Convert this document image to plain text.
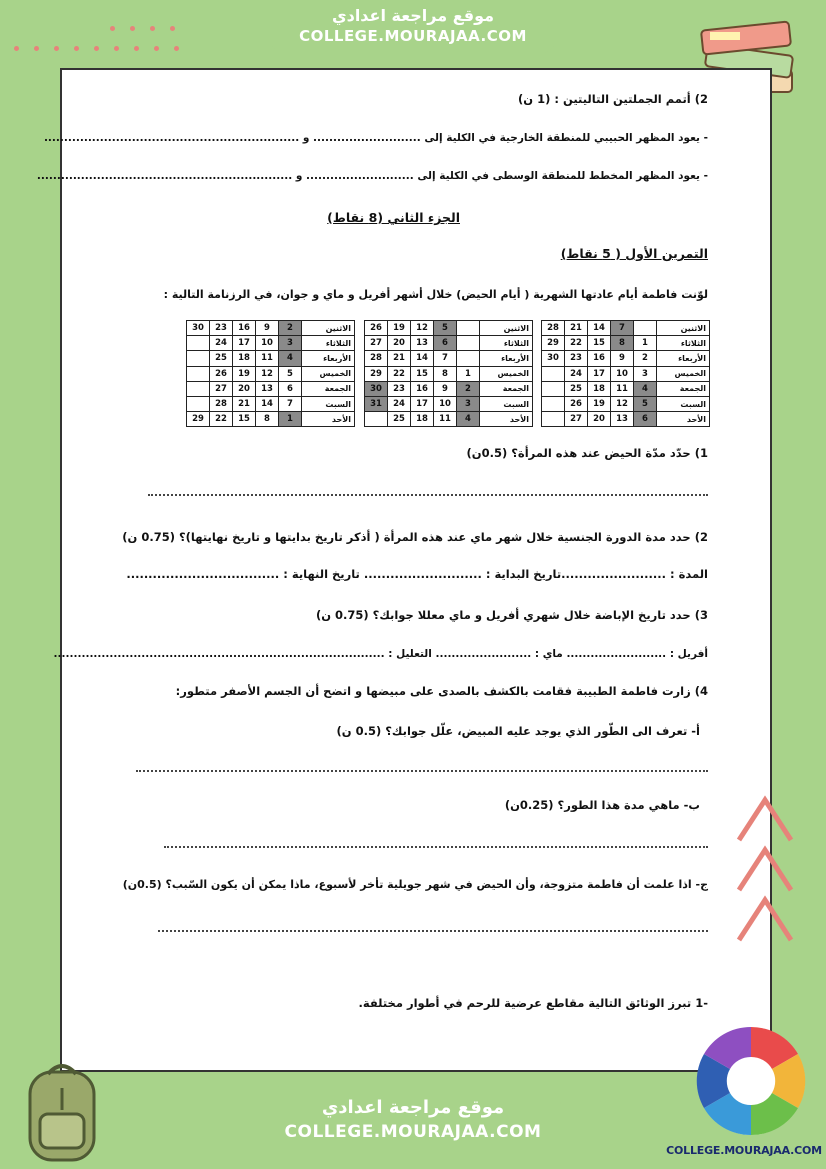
موقع مراجعة اعدادي
COLLEGE.MOURAJAA.COM
2) أتمم الجملتين التاليتين : (1 ن)
- يعود المظهر الحبيبي للمنطقة الخارجية في الكلية إلى ........................... و ................................................................
- يعود المظهر المخطط للمنطقة الوسطى في الكلية إلى ........................... و ................................................................
الجزء الثاني (8 نقاط)
التمرين الأول ( 5 نقاط)
لوّنت فاطمة أيام عادتها الشهرية ( أيام الحيض) خلال أشهر أفريل و ماي و جوان، في الرزنامة التالية :
الاثنين		7	14	21	28
الثلاثاء	1	8	15	22	29
الأربعاء	2	9	16	23	30
الخميس	3	10	17	24	
الجمعة	4	11	18	25	
السبت	5	12	19	26	
الأحد	6	13	20	27	
الاثنين		5	12	19	26
الثلاثاء		6	13	20	27
الأربعاء		7	14	21	28
الخميس	1	8	15	22	29
الجمعة	2	9	16	23	30
السبت	3	10	17	24	31
الأحد	4	11	18	25	
الاثنين	2	9	16	23	30
الثلاثاء	3	10	17	24	
الأربعاء	4	11	18	25	
الخميس	5	12	19	26	
الجمعة	6	13	20	27	
السبت	7	14	21	28	
الأحد	1	8	15	22	29
1) حدّد مدّة الحيض عند هذه المرأة؟ (0.5ن)
2) حدد مدة الدورة الجنسية خلال شهر ماي عند هذه المرأة ( أذكر تاريخ بدايتها و تاريخ نهايتها)؟ (0.75 ن)
المدة : ........................تاريخ البداية : ........................... تاريخ النهاية : ...................................
3) حدد تاريخ الإباضة خلال شهري أفريل و ماي معللا جوابك؟ (0.75 ن)
أفريل : ......................... ماي : ........................ التعليل : ...................................................................................
4) زارت فاطمة الطبيبة فقامت بالكشف بالصدى على مبيضها و اتضح أن الجسم الأصفر متطور:
أ- تعرف الى الطّور الذي يوجد عليه المبيض، علّل جوابك؟ (0.5 ن)
ب- ماهي مدة هذا الطور؟ (0.25ن)
ج- اذا علمت أن فاطمة متزوجة، وأن الحيض في شهر جويلية تأخر لأسبوع، ماذا يمكن أن يكون السّبب؟ (0.5ن)
-1 تبرز الوثائق التالية مقاطع عرضية للرحم في أطوار مختلفة.
موقع مراجعة اعدادي
COLLEGE.MOURAJAA.COM
COLLEGE.MOURAJAA.COM
